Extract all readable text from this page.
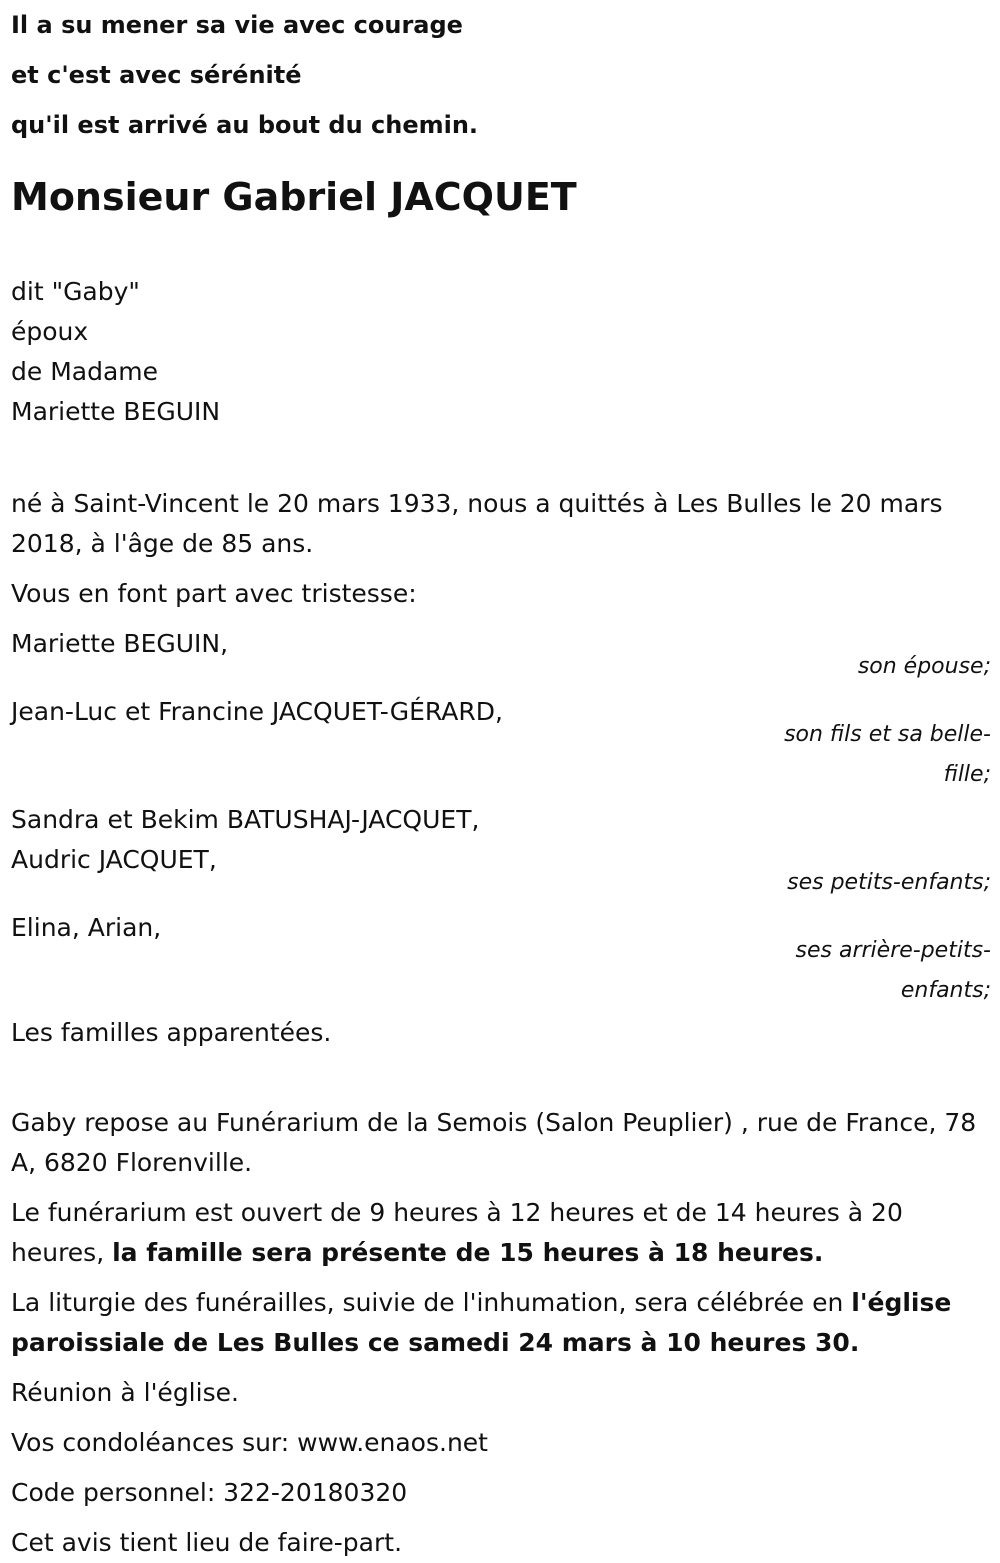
Il a su mener sa vie avec courage
et c'est avec sérénité
qu'il est arrivé au bout du chemin.
Monsieur Gabriel JACQUET
dit "Gaby"
époux
de Madame
Mariette BEGUIN

né à Saint-Vincent le 20 mars 1933, nous a quittés à Les Bulles le 20 mars 2018, à l'âge de 85 ans.

Vous en font part avec tristesse:

Mariette BEGUIN,
son épouse;
Jean-Luc et Francine JACQUET-GÉRARD,
son fils et sa belle-fille;
Sandra et Bekim BATUSHAJ-JACQUET,
Audric JACQUET,
ses petits-enfants;
Elina, Arian,
ses arrière-petits-enfants;

Les familles apparentées.

Gaby repose au Funérarium de la Semois (Salon Peuplier) , rue de France, 78 A, 6820 Florenville.

Le funérarium est ouvert de 9 heures à 12 heures et de 14 heures à 20 heures, la famille sera présente de 15 heures à 18 heures.

La liturgie des funérailles, suivie de l'inhumation, sera célébrée en l'église paroissiale de Les Bulles ce samedi 24 mars à 10 heures 30.

Réunion à l'église.

Vos condoléances sur: www.enaos.net

Code personnel: 322-20180320

Cet avis tient lieu de faire-part.
